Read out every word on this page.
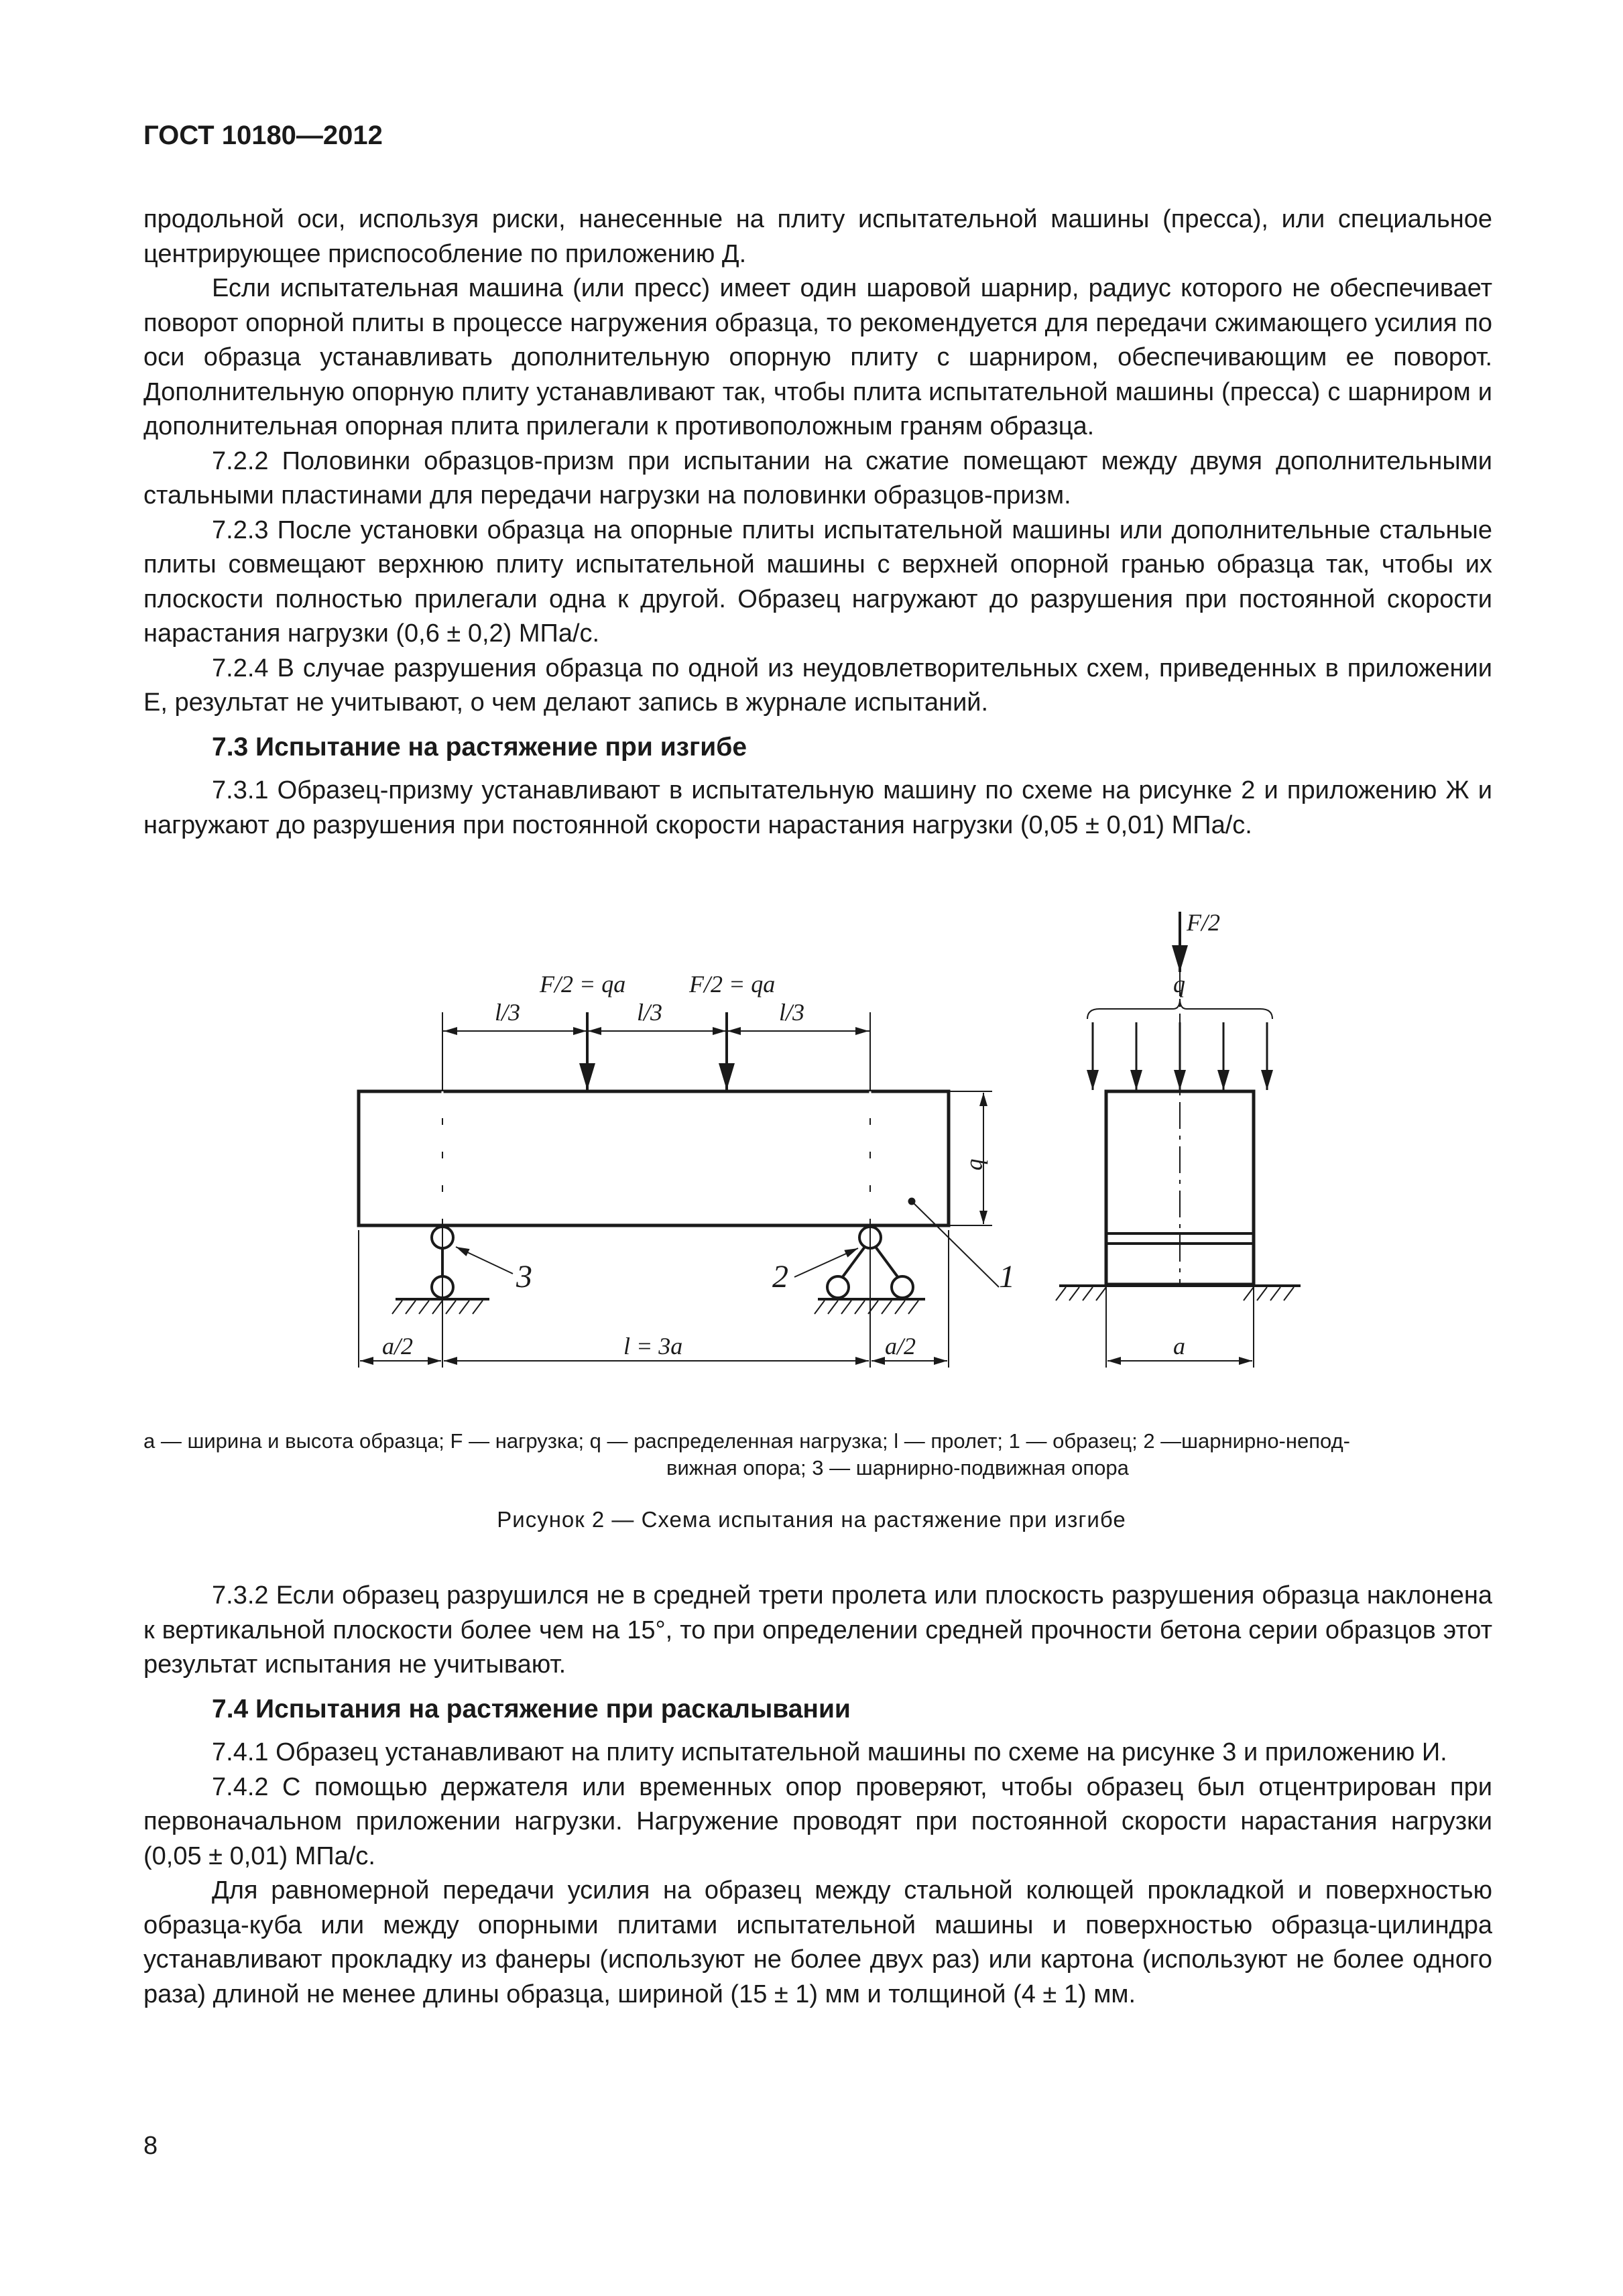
ГОСТ 10180—2012

продольной оси, используя риски, нанесенные на плиту испытательной машины (пресса), или специальное центрирующее приспособление по приложению Д.

Если испытательная машина (или пресс) имеет один шаровой шарнир, радиус которого не обеспечивает поворот опорной плиты в процессе нагружения образца, то рекомендуется для передачи сжимающего усилия по оси образца устанавливать дополнительную опорную плиту с шарниром, обеспечивающим ее поворот. Дополнительную опорную плиту устанавливают так, чтобы плита испытательной машины (пресса) с шарниром и дополнительная опорная плита прилегали к противоположным граням образца.

7.2.2 Половинки образцов-призм при испытании на сжатие помещают между двумя дополнительными стальными пластинами для передачи нагрузки на половинки образцов-призм.

7.2.3 После установки образца на опорные плиты испытательной машины или дополнительные стальные плиты совмещают верхнюю плиту испытательной машины с верхней опорной гранью образца так, чтобы их плоскости полностью прилегали одна к другой. Образец нагружают до разрушения при постоянной скорости нарастания нагрузки (0,6 ± 0,2) МПа/с.

7.2.4 В случае разрушения образца по одной из неудовлетворительных схем, приведенных в приложении Е, результат не учитывают, о чем делают запись в журнале испытаний.

7.3 Испытание на растяжение при изгибе

7.3.1 Образец-призму устанавливают в испытательную машину по схеме на рисунке 2 и приложению Ж и нагружают до разрушения при постоянной скорости нарастания нагрузки (0,05 ± 0,01) МПа/с.

F/2 = qa	F/2 = qa
l/3	l/3	l/3
b
1
2
3
a/2	l = 3a	a/2
F/2
q
a
a — ширина и высота образца; F — нагрузка; q — распределенная нагрузка; l — пролет; 1 — образец; 2 —шарнирно-непод-
вижная опора; 3 — шарнирно-подвижная опора
Рисунок 2 — Схема испытания на растяжение при изгибе

7.3.2 Если образец разрушился не в средней трети пролета или плоскость разрушения образца наклонена к вертикальной плоскости более чем на 15°, то при определении средней прочности бетона серии образцов этот результат испытания не учитывают.

7.4 Испытания на растяжение при раскалывании

7.4.1 Образец устанавливают на плиту испытательной машины по схеме на рисунке 3 и приложению И.

7.4.2 С помощью держателя или временных опор проверяют, чтобы образец был отцентрирован при первоначальном приложении нагрузки. Нагружение проводят при постоянной скорости нарастания нагрузки (0,05 ± 0,01) МПа/с.

Для равномерной передачи усилия на образец между стальной колющей прокладкой и поверхностью образца-куба или между опорными плитами испытательной машины и поверхностью образца-цилиндра устанавливают прокладку из фанеры (используют не более двух раз) или картона (используют не более одного раза) длиной не менее длины образца, шириной (15 ± 1) мм и толщиной (4 ± 1) мм.

8
